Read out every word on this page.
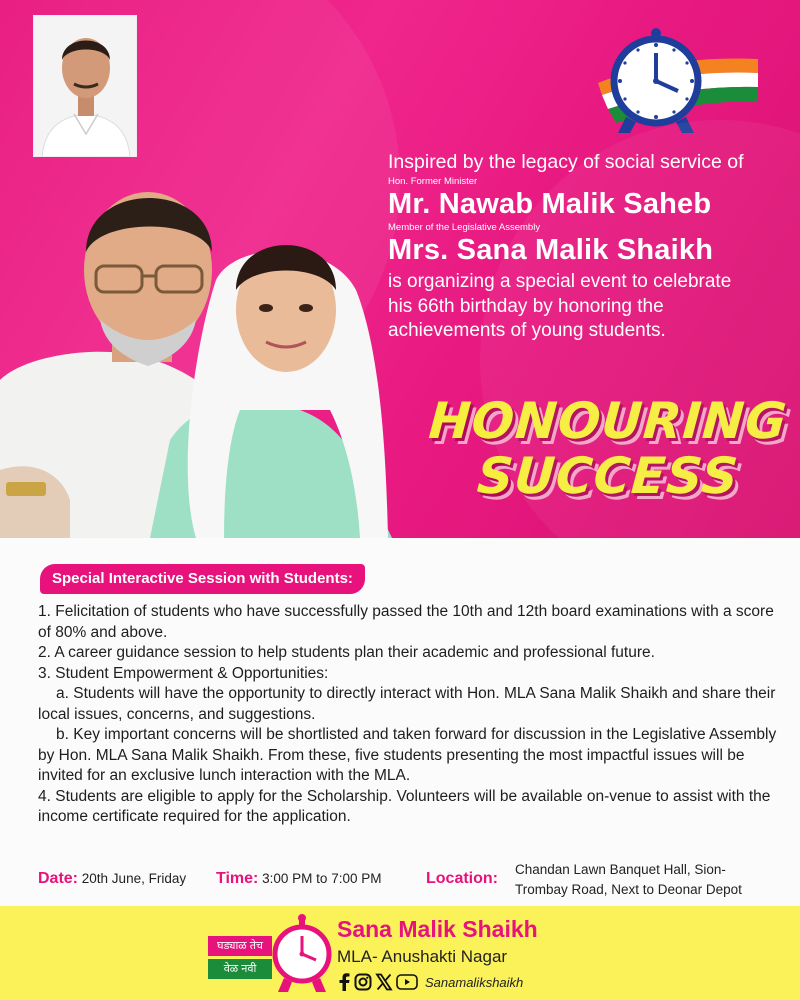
Inspired by the legacy of social service of
Hon. Former Minister
Mr. Nawab Malik Saheb
Member of the Legislative Assembly
Mrs. Sana Malik Shaikh
is organizing a special event to celebrate
his 66th birthday by honoring the
achievements of young students.
HONOURING
SUCCESS
Special Interactive Session with Students:

1. Felicitation of students who have successfully passed the 10th and 12th board examinations with a score of 80% and above.

2. A career guidance session to help students plan their academic and professional future.

3. Student Empowerment & Opportunities:

a. Students will have the opportunity to directly interact with Hon. MLA Sana Malik Shaikh and share their local issues, concerns, and suggestions.

b. Key important concerns will be shortlisted and taken forward for discussion in the Legislative Assembly by Hon. MLA Sana Malik Shaikh. From these, five students presenting the most impactful issues will be invited for an exclusive lunch interaction with the MLA.

4. Students are eligible to apply for the Scholarship. Volunteers will be available on-venue to assist with the income certificate required for the application.

Date: 20th June, Friday Time: 3:00 PM to 7:00 PM	Location:
Chandan Lawn Banquet Hall, Sion-
Trombay Road, Next to Deonar Depot
घड्याळ तेच
वेळ नवी
Sana Malik Shaikh
MLA- Anushakti Nagar
Sanamalikshaikh
